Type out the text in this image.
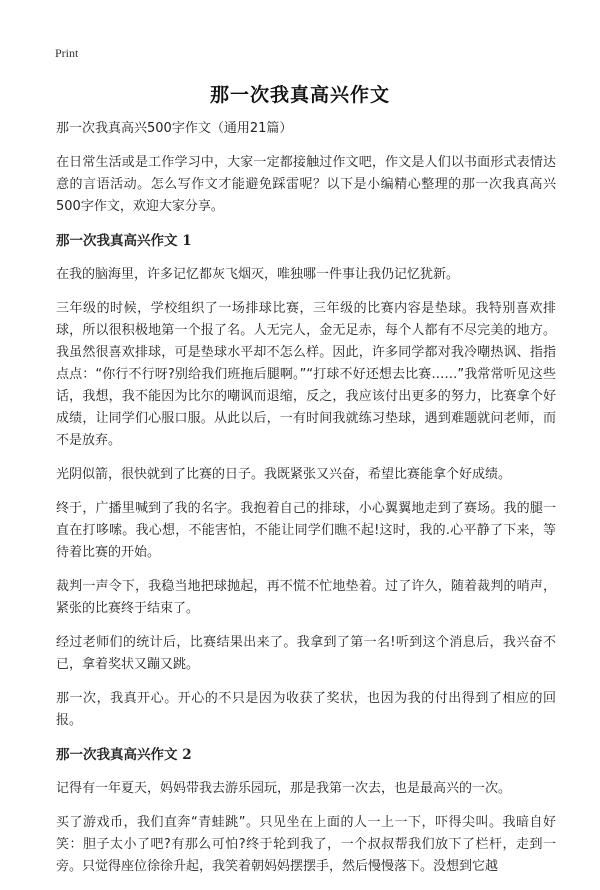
Print
那一次我真高兴作文

那一次我真高兴500字作文（通用21篇）

在日常生活或是工作学习中，大家一定都接触过作文吧，作文是人们以书面形式表情达意的言语活动。怎么写作文才能避免踩雷呢？以下是小编精心整理的那一次我真高兴500字作文，欢迎大家分享。

那一次我真高兴作文 1

在我的脑海里，许多记忆都灰飞烟灭，唯独哪一件事让我仍记忆犹新。

三年级的时候，学校组织了一场排球比赛，三年级的比赛内容是垫球。我特别喜欢排球，所以很积极地第一个报了名。人无完人，金无足赤，每个人都有不尽完美的地方。我虽然很喜欢排球，可是垫球水平却不怎么样。因此，许多同学都对我冷嘲热讽、指指点点：“你行不行呀?别给我们班拖后腿啊。”“打球不好还想去比赛……”我常常听见这些话，我想，我不能因为比尔的嘲讽而退缩，反之，我应该付出更多的努力，比赛拿个好成绩，让同学们心服口服。从此以后，一有时间我就练习垫球，遇到难题就问老师，而不是放弃。

光阴似箭，很快就到了比赛的日子。我既紧张又兴奋，希望比赛能拿个好成绩。

终于，广播里喊到了我的名字。我抱着自己的排球，小心翼翼地走到了赛场。我的腿一直在打哆嗦。我心想，不能害怕，不能让同学们瞧不起!这时，我的.心平静了下来，等待着比赛的开始。

裁判一声令下，我稳当地把球抛起，再不慌不忙地垫着。过了许久，随着裁判的哨声，紧张的比赛终于结束了。

经过老师们的统计后，比赛结果出来了。我拿到了第一名!听到这个消息后，我兴奋不已，拿着奖状又蹦又跳。

那一次，我真开心。开心的不只是因为收获了奖状，也因为我的付出得到了相应的回报。

那一次我真高兴作文 2

记得有一年夏天，妈妈带我去游乐园玩，那是我第一次去，也是最高兴的一次。

买了游戏币，我们直奔“青蛙跳”。只见坐在上面的人一上一下，吓得尖叫。我暗自好笑：胆子太小了吧?有那么可怕?终于轮到我了，一个叔叔帮我们放下了栏杆，走到一旁。只觉得座位徐徐升起，我笑着朝妈妈摆摆手，然后慢慢落下。没想到它越
